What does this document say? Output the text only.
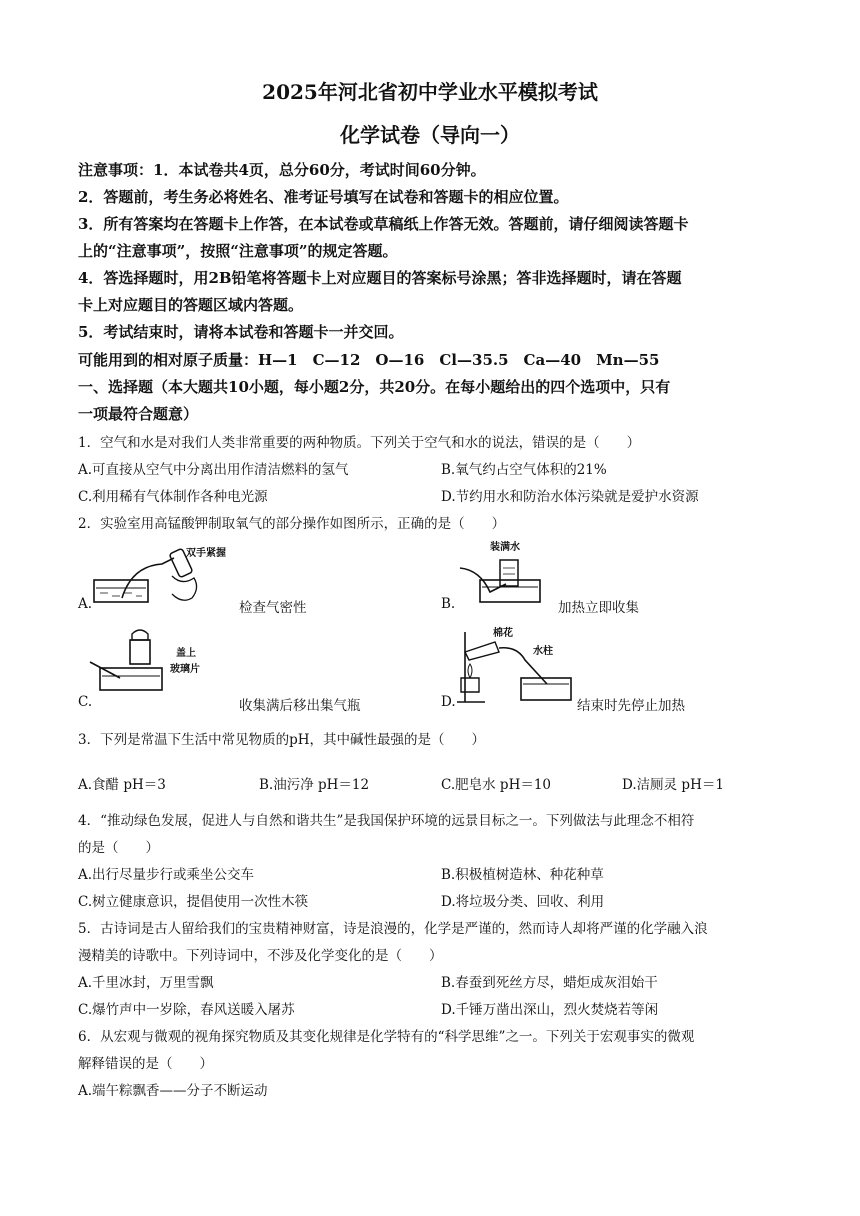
2025年河北省初中学业水平模拟考试
化学试卷（导向一）
注意事项：1．本试卷共4页，总分60分，考试时间60分钟。
2．答题前，考生务必将姓名、准考证号填写在试卷和答题卡的相应位置。
3．所有答案均在答题卡上作答，在本试卷或草稿纸上作答无效。答题前，请仔细阅读答题卡
上的“注意事项”，按照“注意事项”的规定答题。
4．答选择题时，用2B铅笔将答题卡上对应题目的答案标号涂黑；答非选择题时，请在答题
卡上对应题目的答题区域内答题。
5．考试结束时，请将本试卷和答题卡一并交回。
可能用到的相对原子质量：H—1　C—12　O—16　Cl—35.5　Ca—40　Mn—55
一、选择题（本大题共10小题，每小题2分，共20分。在每小题给出的四个选项中，只有
一项最符合题意）
1．空气和水是对我们人类非常重要的两种物质。下列关于空气和水的说法，错误的是（　　）
A.可直接从空气中分离出用作清洁燃料的氢气	B.氧气约占空气体积的21%
C.利用稀有气体制作各种电光源	D.节约用水和防治水体污染就是爱护水资源
2．实验室用高锰酸钾制取氧气的部分操作如图所示，正确的是（　　）
双手紧握
A.	检查气密性
装满水
B.	加热立即收集
盖上
玻璃片
C.	收集满后移出集气瓶
棉花
水柱
D.	结束时先停止加热
3．下列是常温下生活中常见物质的pH，其中碱性最强的是（　　）
A.食醋 pH＝3	B.油污净 pH＝12	C.肥皂水 pH＝10	D.洁厕灵 pH＝1
4．“推动绿色发展，促进人与自然和谐共生”是我国保护环境的远景目标之一。下列做法与此理念不相符
的是（　　）
A.出行尽量步行或乘坐公交车	B.积极植树造林、种花种草
C.树立健康意识，提倡使用一次性木筷	D.将垃圾分类、回收、利用
5．古诗词是古人留给我们的宝贵精神财富，诗是浪漫的，化学是严谨的，然而诗人却将严谨的化学融入浪
漫精美的诗歌中。下列诗词中，不涉及化学变化的是（　　）
A.千里冰封，万里雪飘	B.春蚕到死丝方尽，蜡炬成灰泪始干
C.爆竹声中一岁除，春风送暖入屠苏	D.千锤万凿出深山，烈火焚烧若等闲
6．从宏观与微观的视角探究物质及其变化规律是化学特有的“科学思维”之一。下列关于宏观事实的微观
解释错误的是（　　）
A.端午粽飘香——分子不断运动
